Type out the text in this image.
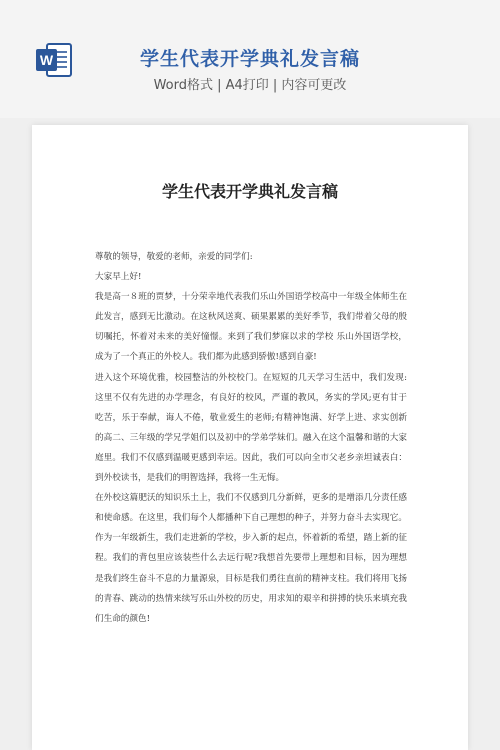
W	学生代表开学典礼发言稿

Word格式 | A4打印 | 内容可更改

学生代表开学典礼发言稿

尊敬的领导，敬爱的老师，亲爱的同学们:

大家早上好!

我是高一８班的贾梦，十分荣幸地代表我们乐山外国语学校高中一年级全体师生在此发言，感到无比激动。在这秋风送爽、硕果累累的美好季节，我们带着父母的殷切嘱托，怀着对未来的美好憧憬。来到了我们梦寐以求的学校 乐山外国语学校，成为了一个真正的外校人。我们都为此感到骄傲!感到自豪!

进入这个环境优雅，校园整洁的外校校门。在短短的几天学习生活中，我们发现:这里不仅有先进的办学理念，有良好的校风，严谨的教风，务实的学风;更有甘于吃苦，乐于奉献，诲人不倦，敬业爱生的老师;有精神饱满、好学上进、求实创新的高二、三年级的学兄学姐们以及初中的学弟学妹们。融入在这个温馨和谐的大家庭里。我们不仅感到温暖更感到幸运。因此，我们可以向全市父老乡亲坦诚表白：到外校读书，是我们的明智选择，我将一生无悔。

在外校这篇肥沃的知识乐土上，我们不仅感到几分新鲜，更多的是增添几分责任感和使命感。在这里，我们每个人都播种下自己理想的种子，并努力奋斗去实现它。作为一年级新生，我们走进新的学校，步入新的起点，怀着新的希望，踏上新的征程。我们的背包里应该装些什么去远行呢?我想首先要带上理想和目标，因为理想是我们终生奋斗不息的力量源泉，目标是我们勇往直前的精神支柱。我们将用飞扬的青春、跳动的热情来续写乐山外校的历史，用求知的艰辛和拼搏的快乐来填充我们生命的颜色!
